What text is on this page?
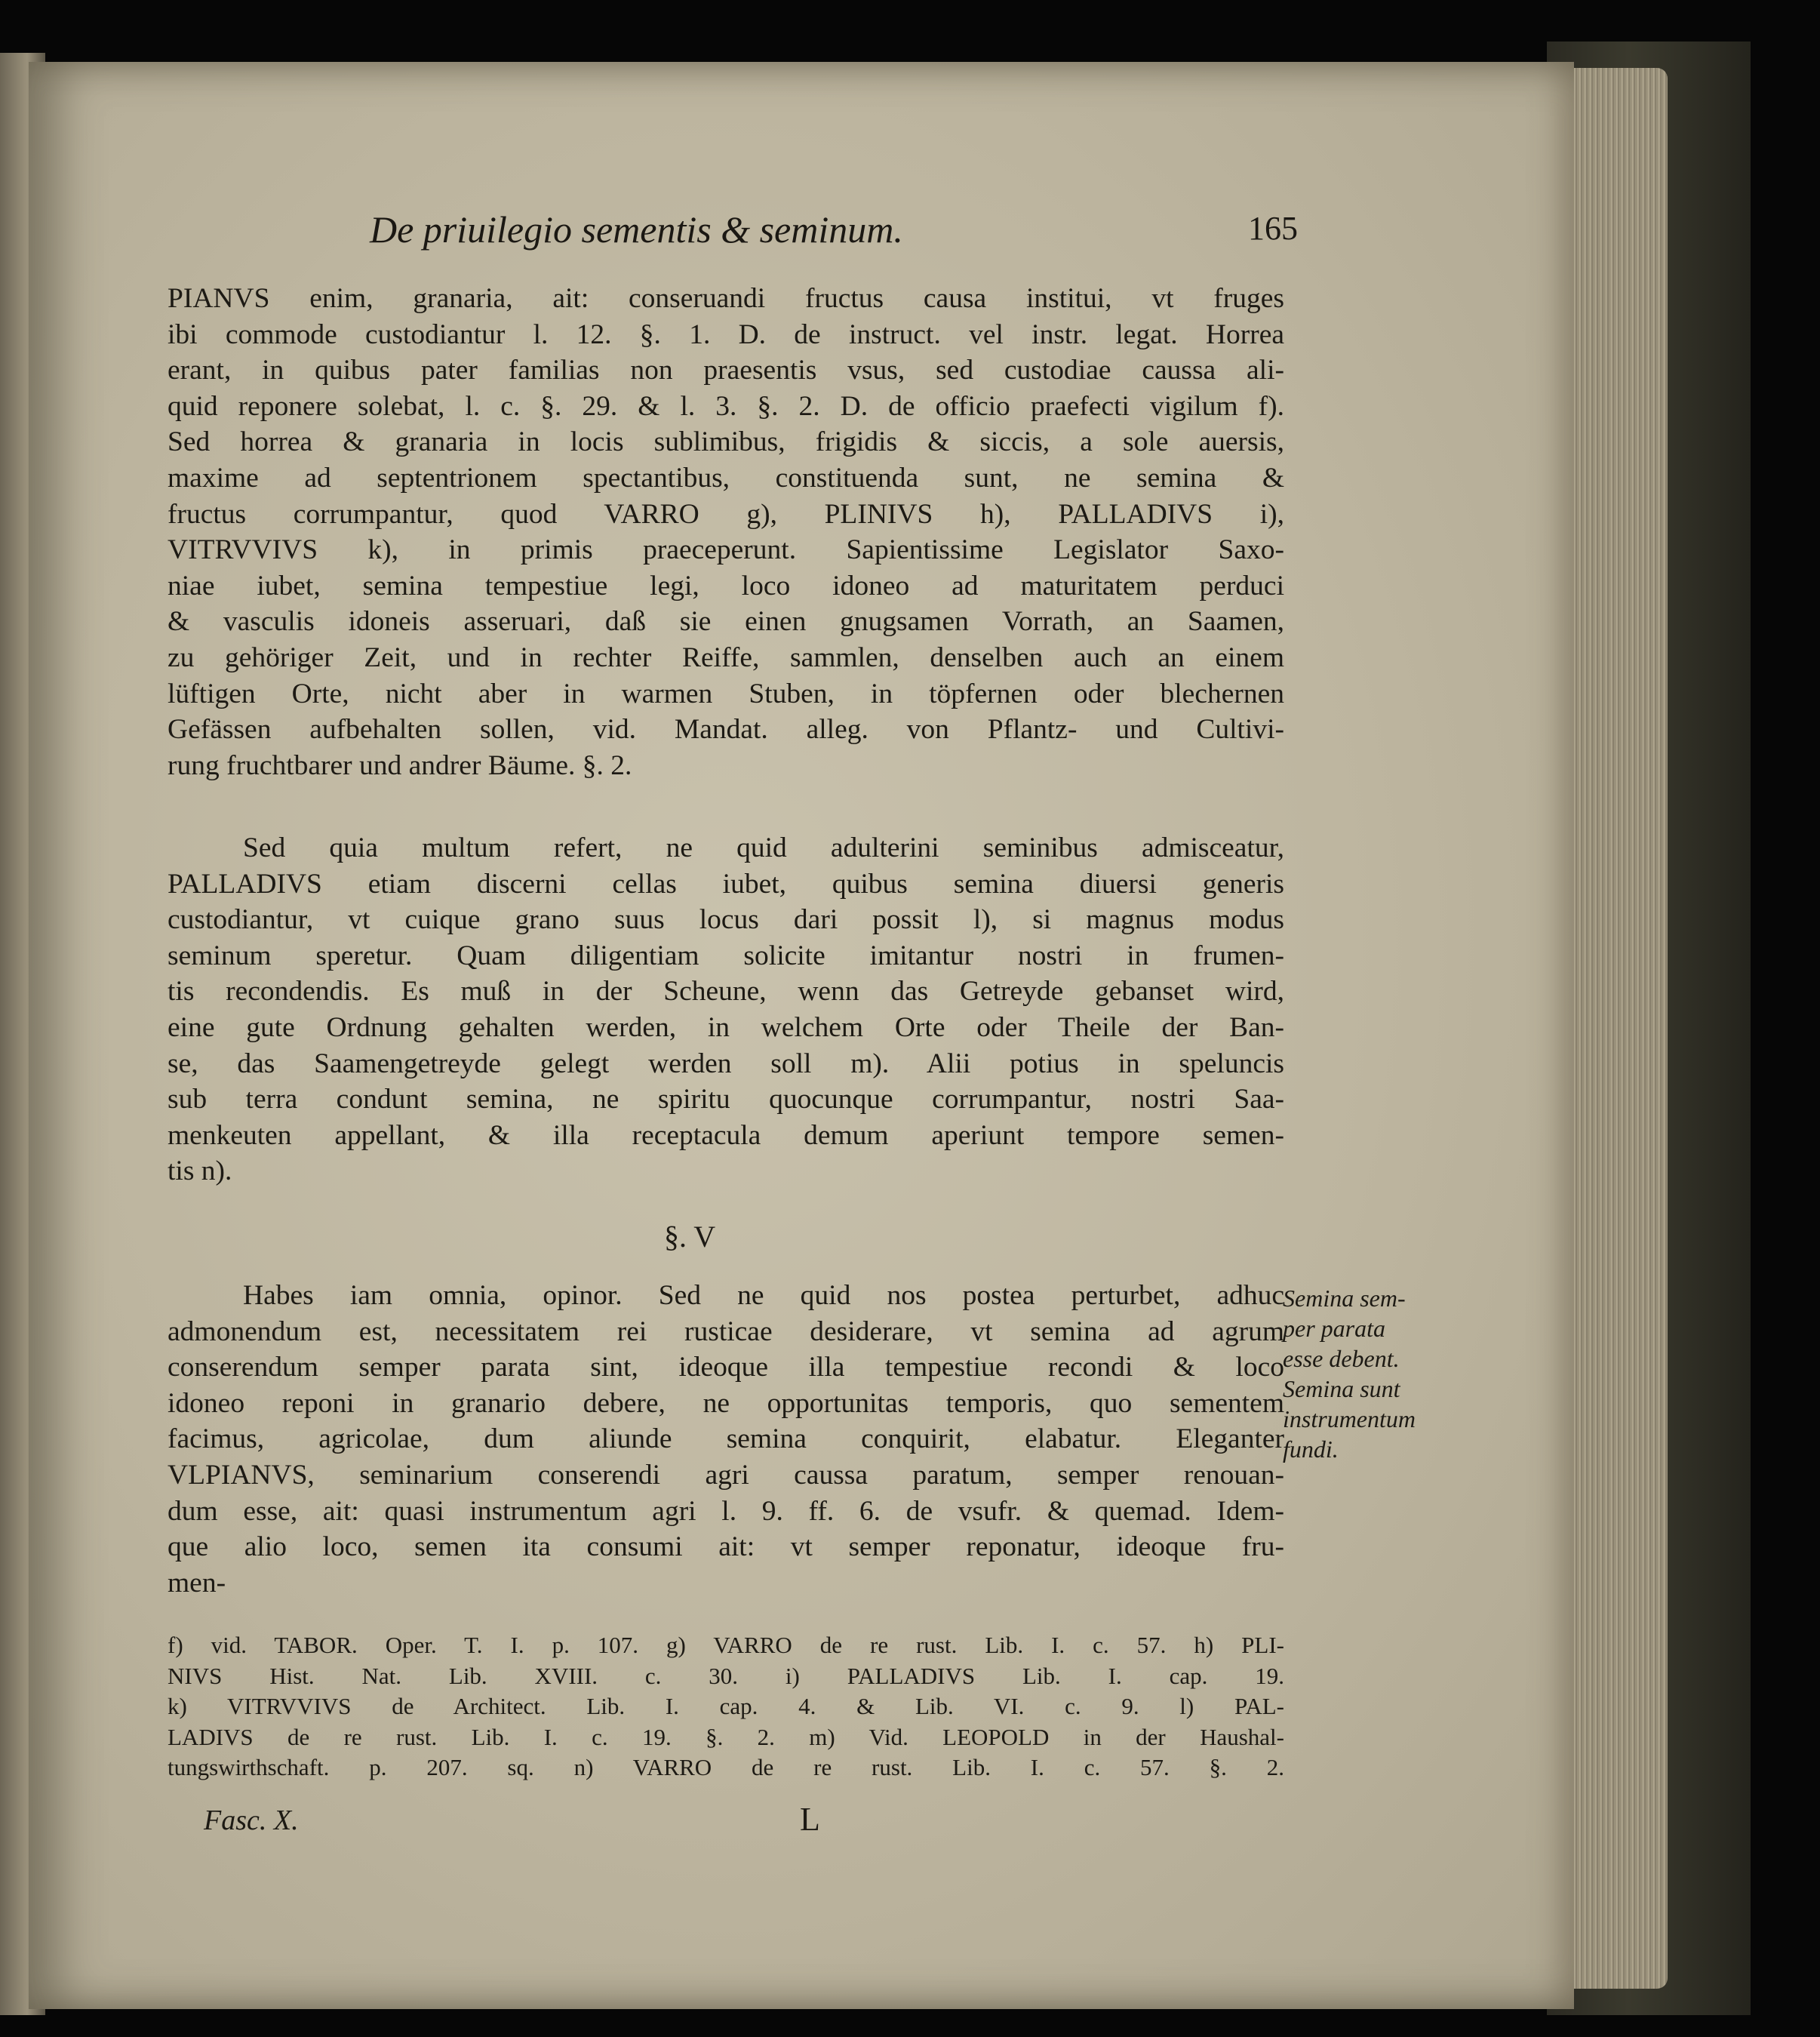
De priuilegio sementis & seminum.	165
PIANVS enim, granaria, ait: conseruandi fructus causa institui, vt fruges
ibi commode custodiantur l. 12. §. 1. D. de instruct. vel instr. legat. Horrea
erant, in quibus pater familias non praesentis vsus, sed custodiae caussa ali-
quid reponere solebat, l. c. §. 29. & l. 3. §. 2. D. de officio praefecti vigilum f).
Sed horrea & granaria in locis sublimibus, frigidis & siccis, a sole auersis,
maxime ad septentrionem spectantibus, constituenda sunt, ne semina &
fructus corrumpantur, quod VARRO g), PLINIVS h), PALLADIVS i),
VITRVVIVS k), in primis praeceperunt. Sapientissime Legislator Saxo-
niae iubet, semina tempestiue legi, loco idoneo ad maturitatem perduci
& vasculis idoneis asseruari, daß sie einen gnugsamen Vorrath, an Saamen,
zu gehöriger Zeit, und in rechter Reiffe, sammlen, denselben auch an einem
lüftigen Orte, nicht aber in warmen Stuben, in töpfernen oder blechernen
Gefässen aufbehalten sollen, vid. Mandat. alleg. von Pflantz- und Cultivi-
rung fruchtbarer und andrer Bäume. §. 2.
Sed quia multum refert, ne quid adulterini seminibus admisceatur,
PALLADIVS etiam discerni cellas iubet, quibus semina diuersi generis
custodiantur, vt cuique grano suus locus dari possit l), si magnus modus
seminum speretur. Quam diligentiam solicite imitantur nostri in frumen-
tis recondendis. Es muß in der Scheune, wenn das Getreyde gebanset wird,
eine gute Ordnung gehalten werden, in welchem Orte oder Theile der Ban-
se, das Saamengetreyde gelegt werden soll m). Alii potius in speluncis
sub terra condunt semina, ne spiritu quocunque corrumpantur, nostri Saa-
menkeuten appellant, & illa receptacula demum aperiunt tempore semen-
tis n).
§. V
Habes iam omnia, opinor. Sed ne quid nos postea perturbet, adhuc
admonendum est, necessitatem rei rusticae desiderare, vt semina ad agrum
conserendum semper parata sint, ideoque illa tempestiue recondi & loco
idoneo reponi in granario debere, ne opportunitas temporis, quo sementem
facimus, agricolae, dum aliunde semina conquirit, elabatur. Eleganter
VLPIANVS, seminarium conserendi agri caussa paratum, semper renouan-
dum esse, ait: quasi instrumentum agri l. 9. ff. 6. de vsufr. & quemad. Idem-
que alio loco, semen ita consumi ait: vt semper reponatur, ideoque fru-
men-
Semina sem-
per parata
esse debent.
Semina sunt
instrumentum
fundi.
f) vid. TABOR. Oper. T. I. p. 107. g) VARRO de re rust. Lib. I. c. 57. h) PLI-
NIVS Hist. Nat. Lib. XVIII. c. 30. i) PALLADIVS Lib. I. cap. 19.
k) VITRVVIVS de Architect. Lib. I. cap. 4. & Lib. VI. c. 9. l) PAL-
LADIVS de re rust. Lib. I. c. 19. §. 2. m) Vid. LEOPOLD in der Haushal-
tungswirthschaft. p. 207. sq. n) VARRO de re rust. Lib. I. c. 57. §. 2.
Fasc. X.	L
